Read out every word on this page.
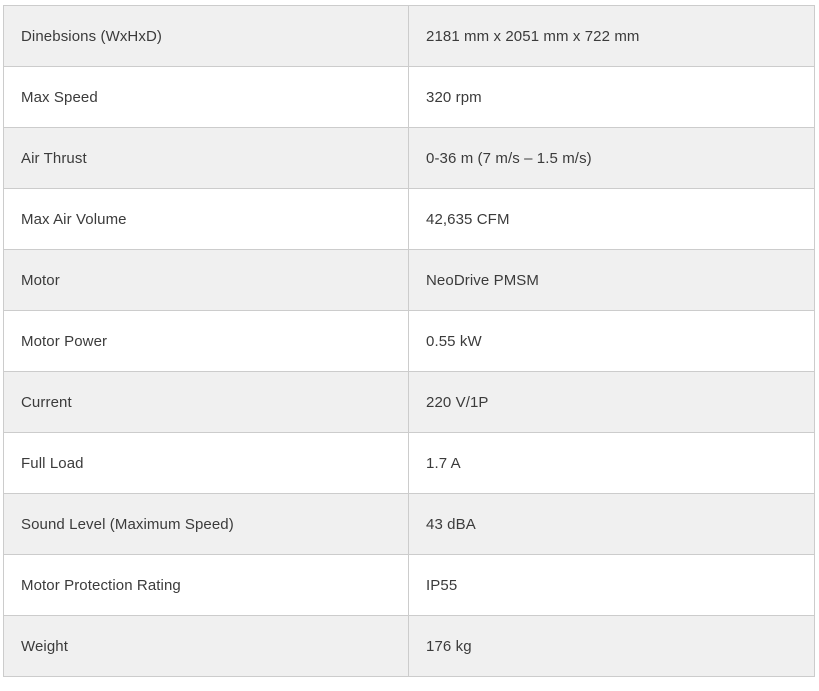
Dinebsions (WxHxD)	2181 mm x 2051 mm x 722 mm
Max Speed	320 rpm
Air Thrust	0-36 m (7 m/s – 1.5 m/s)
Max Air Volume	42,635 CFM
Motor	NeoDrive PMSM
Motor Power	0.55 kW
Current	220 V/1P
Full Load	1.7 A
Sound Level (Maximum Speed)	43 dBA
Motor Protection Rating	IP55
Weight	176 kg
